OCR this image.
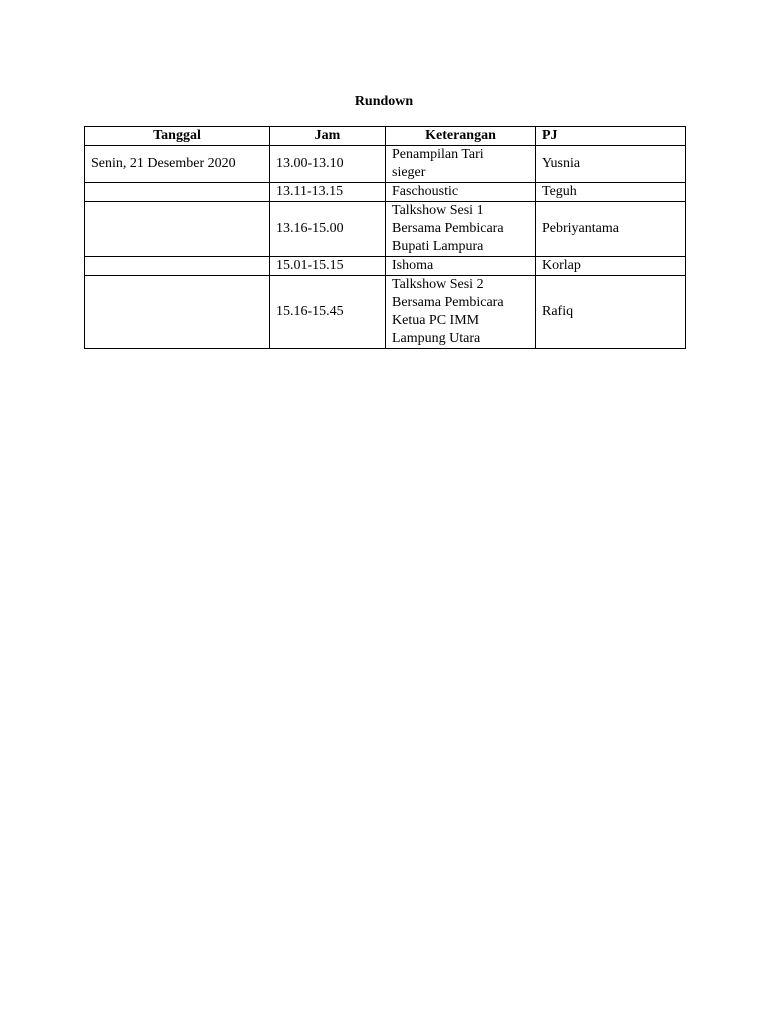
Rundown
Tanggal	Jam	Keterangan	PJ
Senin, 21 Desember 2020	13.00-13.10	Penampilan Tari
sieger	Yusnia
	13.11-13.15	Faschoustic	Teguh
	13.16-15.00	Talkshow Sesi 1
Bersama Pembicara
Bupati Lampura	Pebriyantama
	15.01-15.15	Ishoma	Korlap
	15.16-15.45	Talkshow Sesi 2
Bersama Pembicara
Ketua PC IMM
Lampung Utara	Rafiq
